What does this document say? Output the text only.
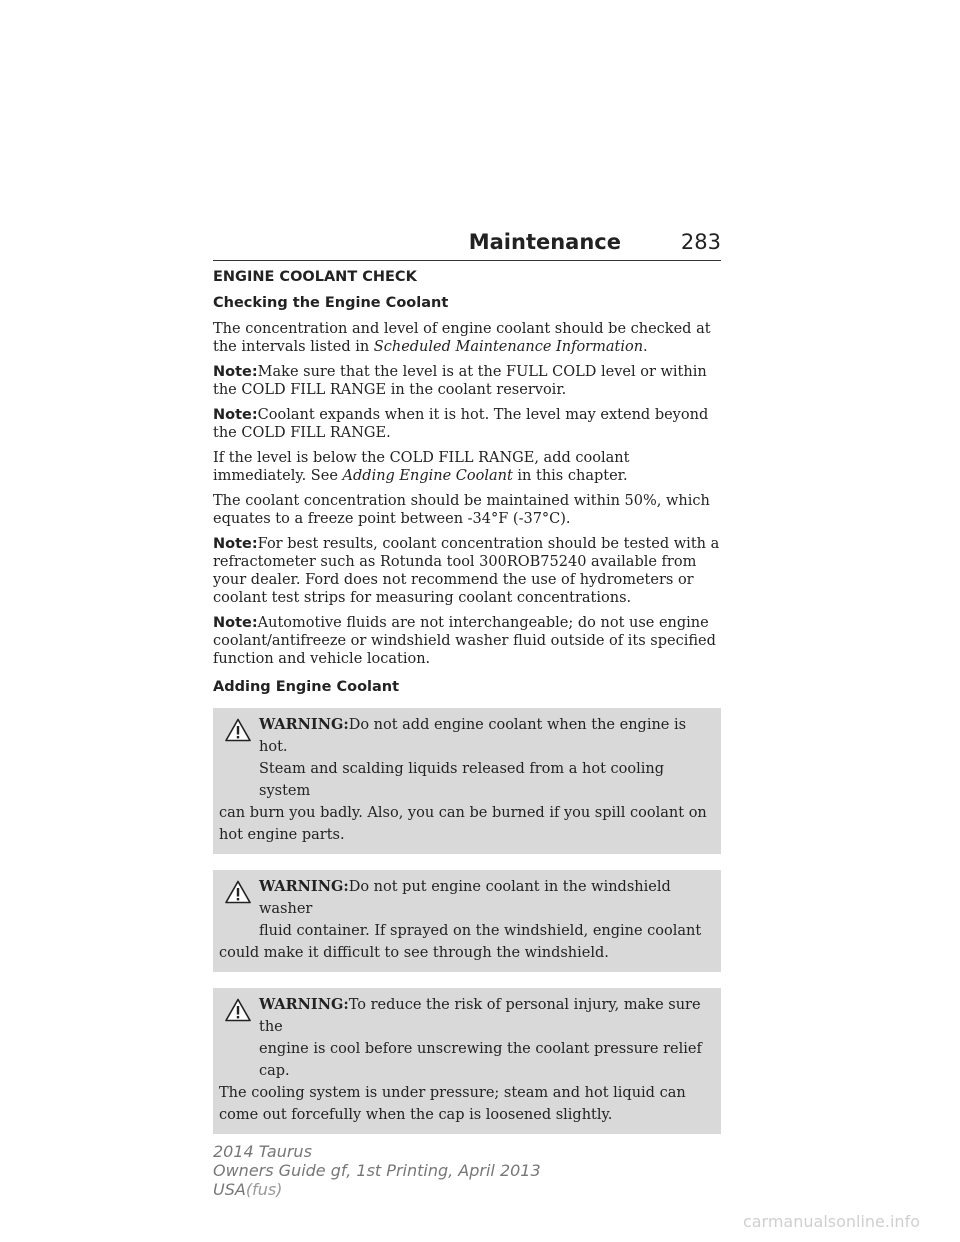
Maintenance	283
ENGINE COOLANT CHECK
Checking the Engine Coolant

The concentration and level of engine coolant should be checked at the intervals listed in Scheduled Maintenance Information.

Note:Make sure that the level is at the FULL COLD level or within the COLD FILL RANGE in the coolant reservoir.

Note:Coolant expands when it is hot. The level may extend beyond the COLD FILL RANGE.

If the level is below the COLD FILL RANGE, add coolant immediately. See Adding Engine Coolant in this chapter.

The coolant concentration should be maintained within 50%, which equates to a freeze point between -34°F (-37°C).

Note:For best results, coolant concentration should be tested with a refractometer such as Rotunda tool 300ROB75240 available from your dealer. Ford does not recommend the use of hydrometers or coolant test strips for measuring coolant concentrations.

Note:Automotive fluids are not interchangeable; do not use engine coolant/antifreeze or windshield washer fluid outside of its specified function and vehicle location.

Adding Engine Coolant
WARNING:Do not add engine coolant when the engine is hot.
Steam and scalding liquids released from a hot cooling system
can burn you badly. Also, you can be burned if you spill coolant on hot engine parts.
WARNING:Do not put engine coolant in the windshield washer
fluid container. If sprayed on the windshield, engine coolant
could make it difficult to see through the windshield.
WARNING:To reduce the risk of personal injury, make sure the
engine is cool before unscrewing the coolant pressure relief cap.
The cooling system is under pressure; steam and hot liquid can come out forcefully when the cap is loosened slightly.
2014 Taurus
Owners Guide gf, 1st Printing, April 2013
USA(fus)
carmanualsonline.info
